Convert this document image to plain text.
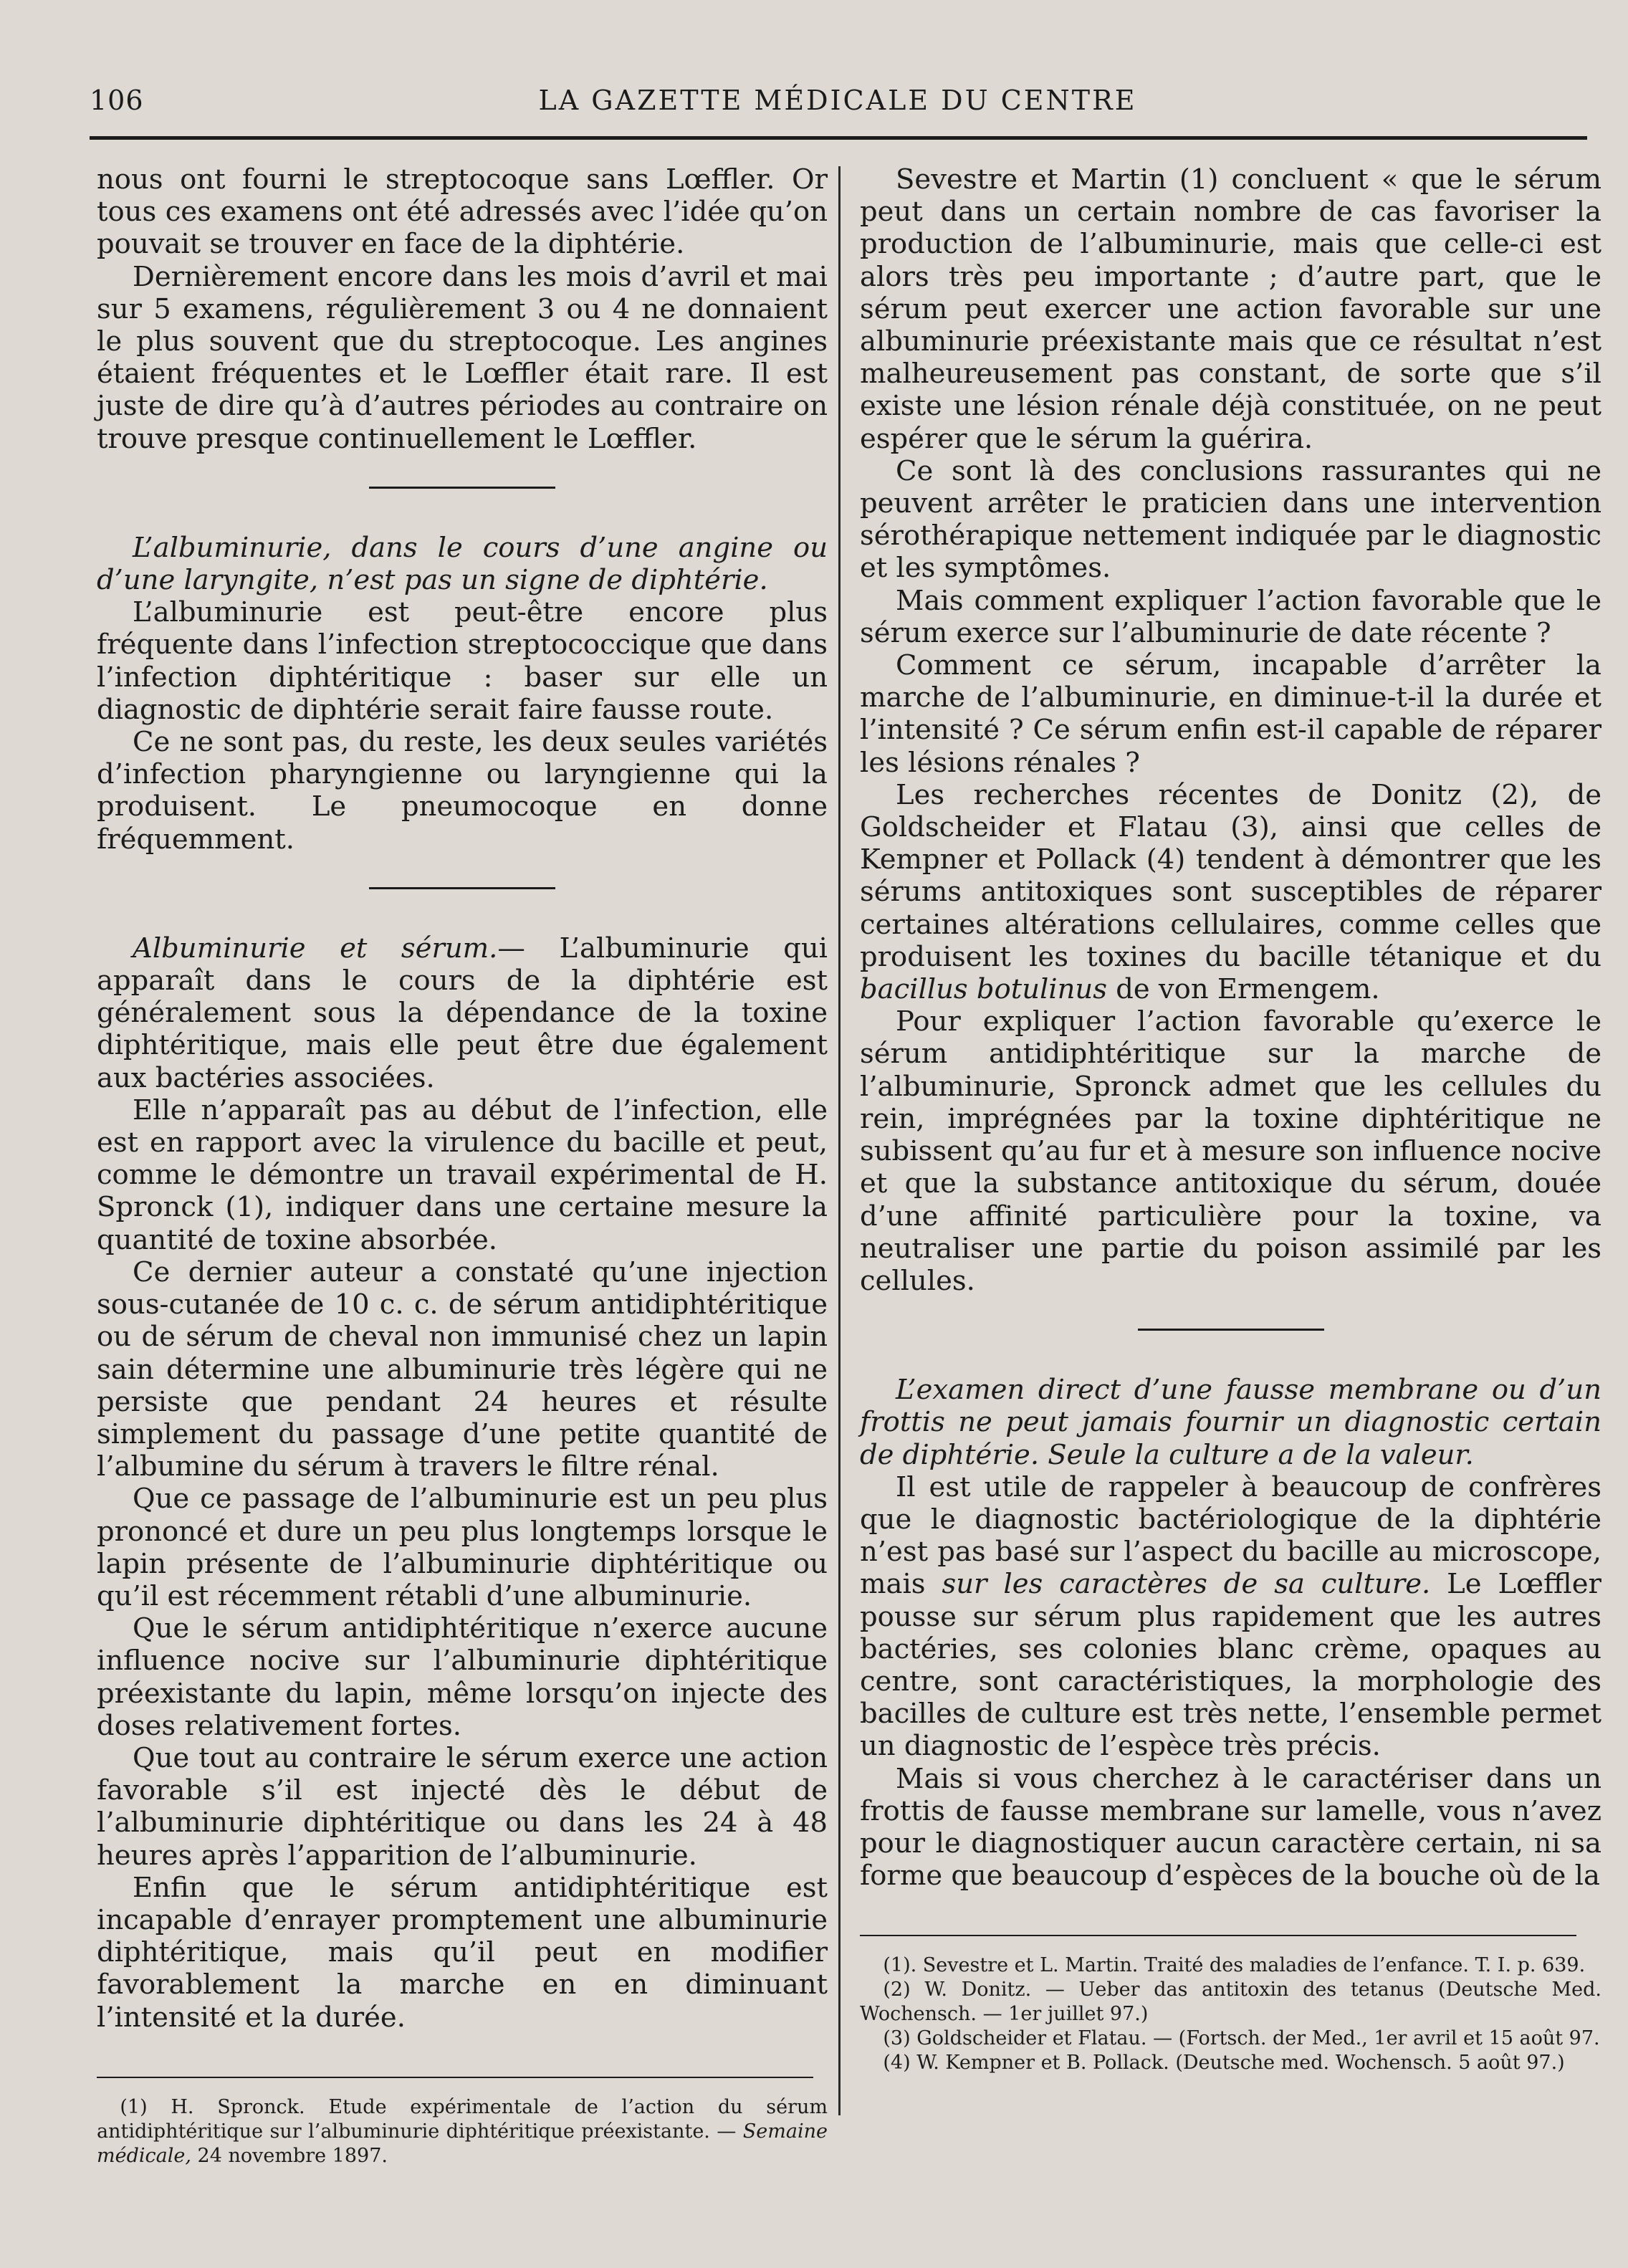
106	LA GAZETTE MÉDICALE DU CENTRE

nous ont fourni le streptocoque sans Lœffler. Or tous ces examens ont été adressés avec l’idée qu’on pouvait se trouver en face de la diphtérie.

Dernièrement encore dans les mois d’avril et mai sur 5 examens, régulièrement 3 ou 4 ne donnaient le plus souvent que du streptocoque. Les angines étaient fréquentes et le Lœffler était rare. Il est juste de dire qu’à d’autres périodes au contraire on trouve presque continuellement le Lœffler.

L’albuminurie, dans le cours d’une angine ou d’une laryngite, n’est pas un signe de diphtérie.

L’albuminurie est peut-être encore plus fréquente dans l’infection streptococcique que dans l’infection diphtéritique : baser sur elle un diagnostic de diphtérie serait faire fausse route.

Ce ne sont pas, du reste, les deux seules variétés d’infection pharyngienne ou laryngienne qui la produisent. Le pneumocoque en donne fréquemment.

Albuminurie et sérum.— L’albuminurie qui apparaît dans le cours de la diphtérie est généralement sous la dépendance de la toxine diphtéritique, mais elle peut être due également aux bactéries associées.

Elle n’apparaît pas au début de l’infection, elle est en rapport avec la virulence du bacille et peut, comme le démontre un travail expérimental de H. Spronck (1), indiquer dans une certaine mesure la quantité de toxine absorbée.

Ce dernier auteur a constaté qu’une injection sous-cutanée de 10 c. c. de sérum antidiphtéritique ou de sérum de cheval non immunisé chez un lapin sain détermine une albuminurie très légère qui ne persiste que pendant 24 heures et résulte simplement du passage d’une petite quantité de l’albumine du sérum à travers le filtre rénal.

Que ce passage de l’albuminurie est un peu plus prononcé et dure un peu plus longtemps lorsque le lapin présente de l’albuminurie diphtéritique ou qu’il est récemment rétabli d’une albuminurie.

Que le sérum antidiphtéritique n’exerce aucune influence nocive sur l’albuminurie diphtéritique préexistante du lapin, même lorsqu’on injecte des doses relativement fortes.

Que tout au contraire le sérum exerce une action favorable s’il est injecté dès le début de l’albuminurie diphtéritique ou dans les 24 à 48 heures après l’apparition de l’albuminurie.

Enfin que le sérum antidiphtéritique est incapable d’enrayer promptement une albuminurie diphtéritique, mais qu’il peut en modifier favorablement la marche en en diminuant l’intensité et la durée.

(1) H. Spronck. Etude expérimentale de l’action du sérum antidiphtéritique sur l’albuminurie diphtéritique préexistante. — Semaine médicale, 24 novembre 1897.

Sevestre et Martin (1) concluent « que le sérum peut dans un certain nombre de cas favoriser la production de l’albuminurie, mais que celle-ci est alors très peu importante ; d’autre part, que le sérum peut exercer une action favorable sur une albuminurie préexistante mais que ce résultat n’est malheureusement pas constant, de sorte que s’il existe une lésion rénale déjà constituée, on ne peut espérer que le sérum la guérira.

Ce sont là des conclusions rassurantes qui ne peuvent arrêter le praticien dans une intervention sérothérapique nettement indiquée par le diagnostic et les symptômes.

Mais comment expliquer l’action favorable que le sérum exerce sur l’albuminurie de date récente ?

Comment ce sérum, incapable d’arrêter la marche de l’albuminurie, en diminue-t-il la durée et l’intensité ? Ce sérum enfin est-il capable de réparer les lésions rénales ?

Les recherches récentes de Donitz (2), de Goldscheider et Flatau (3), ainsi que celles de Kempner et Pollack (4) tendent à démontrer que les sérums antitoxiques sont susceptibles de réparer certaines altérations cellulaires, comme celles que produisent les toxines du bacille tétanique et du bacillus botulinus de von Ermengem.

Pour expliquer l’action favorable qu’exerce le sérum antidiphtéritique sur la marche de l’albuminurie, Spronck admet que les cellules du rein, imprégnées par la toxine diphtéritique ne subissent qu’au fur et à mesure son influence nocive et que la substance antitoxique du sérum, douée d’une affinité particulière pour la toxine, va neutraliser une partie du poison assimilé par les cellules.

L’examen direct d’une fausse membrane ou d’un frottis ne peut jamais fournir un diagnostic certain de diphtérie. Seule la culture a de la valeur.

Il est utile de rappeler à beaucoup de confrères que le diagnostic bactériologique de la diphtérie n’est pas basé sur l’aspect du bacille au microscope, mais sur les caractères de sa culture. Le Lœffler pousse sur sérum plus rapidement que les autres bactéries, ses colonies blanc crème, opaques au centre, sont caractéristiques, la morphologie des bacilles de culture est très nette, l’ensemble permet un diagnostic de l’espèce très précis.

Mais si vous cherchez à le caractériser dans un frottis de fausse membrane sur lamelle, vous n’avez pour le diagnostiquer aucun caractère certain, ni sa forme que beaucoup d’espèces de la bouche où de la

(1). Sevestre et L. Martin. Traité des maladies de l’enfance. T. I. p. 639.

(2) W. Donitz. — Ueber das antitoxin des tetanus (Deutsche Med. Wochensch. — 1er juillet 97.)

(3) Goldscheider et Flatau. — (Fortsch. der Med., 1er avril et 15 août 97.

(4) W. Kempner et B. Pollack. (Deutsche med. Wochensch. 5 août 97.)
